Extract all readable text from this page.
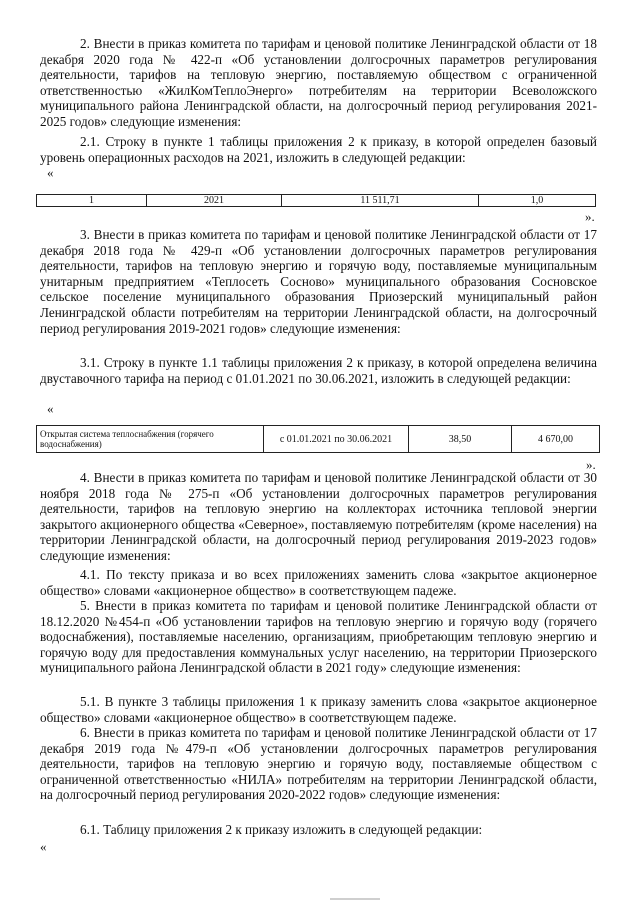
2. Внести в приказ комитета по тарифам и ценовой политике Ленинградской области от 18 декабря 2020 года № 422-п «Об установлении долгосрочных параметров регулирования деятельности, тарифов на тепловую энергию, поставляемую обществом с ограниченной ответственностью «ЖилКомТеплоЭнерго» потребителям на территории Всеволожского муниципального района Ленинградской области, на долгосрочный период регулирования 2021-2025 годов» следующие изменения:

2.1. Строку в пункте 1 таблицы приложения 2 к приказу, в которой определен базовый уровень операционных расходов на 2021, изложить в следующей редакции:

«
1	2021	11 511,71	1,0
».

3. Внести в приказ комитета по тарифам и ценовой политике Ленинградской области от 17 декабря 2018 года № 429-п «Об установлении долгосрочных параметров регулирования деятельности, тарифов на тепловую энергию и горячую воду, поставляемые муниципальным унитарным предприятием «Теплосеть Сосново» муниципального образования Сосновское сельское поселение муниципального образования Приозерский муниципальный район Ленинградской области потребителям на территории Ленинградской области, на долгосрочный период регулирования 2019-2021 годов» следующие изменения:

3.1. Строку в пункте 1.1 таблицы приложения 2 к приказу, в которой определена величина двуставочного тарифа на период с 01.01.2021 по 30.06.2021, изложить в следующей редакции:

«
Открытая система теплоснабжения (горячего водоснабжения)	с 01.01.2021 по 30.06.2021	38,50	4 670,00
».

4. Внести в приказ комитета по тарифам и ценовой политике Ленинградской области от 30 ноября 2018 года № 275-п «Об установлении долгосрочных параметров регулирования деятельности, тарифов на тепловую энергию на коллекторах источника тепловой энергии закрытого акционерного общества «Северное», поставляемую потребителям (кроме населения) на территории Ленинградской области, на долгосрочный период регулирования 2019-2023 годов» следующие изменения:

4.1. По тексту приказа и во всех приложениях заменить слова «закрытое акционерное общество» словами «акционерное общество» в соответствующем падеже.

5. Внести в приказ комитета по тарифам и ценовой политике Ленинградской области от 18.12.2020 №454-п «Об установлении тарифов на тепловую энергию и горячую воду (горячего водоснабжения), поставляемые населению, организациям, приобретающим тепловую энергию и горячую воду для предоставления коммунальных услуг населению, на территории Приозерского муниципального района Ленинградской области в 2021 году» следующие изменения:

5.1. В пункте 3 таблицы приложения 1 к приказу заменить слова «закрытое акционерное общество» словами «акционерное общество» в соответствующем падеже.

6. Внести в приказ комитета по тарифам и ценовой политике Ленинградской области от 17 декабря 2019 года №479-п «Об установлении долгосрочных параметров регулирования деятельности, тарифов на тепловую энергию и горячую воду, поставляемые обществом с ограниченной ответственностью «НИЛА» потребителям на территории Ленинградской области, на долгосрочный период регулирования 2020-2022 годов» следующие изменения:

6.1. Таблицу приложения 2 к приказу изложить в следующей редакции:

«
